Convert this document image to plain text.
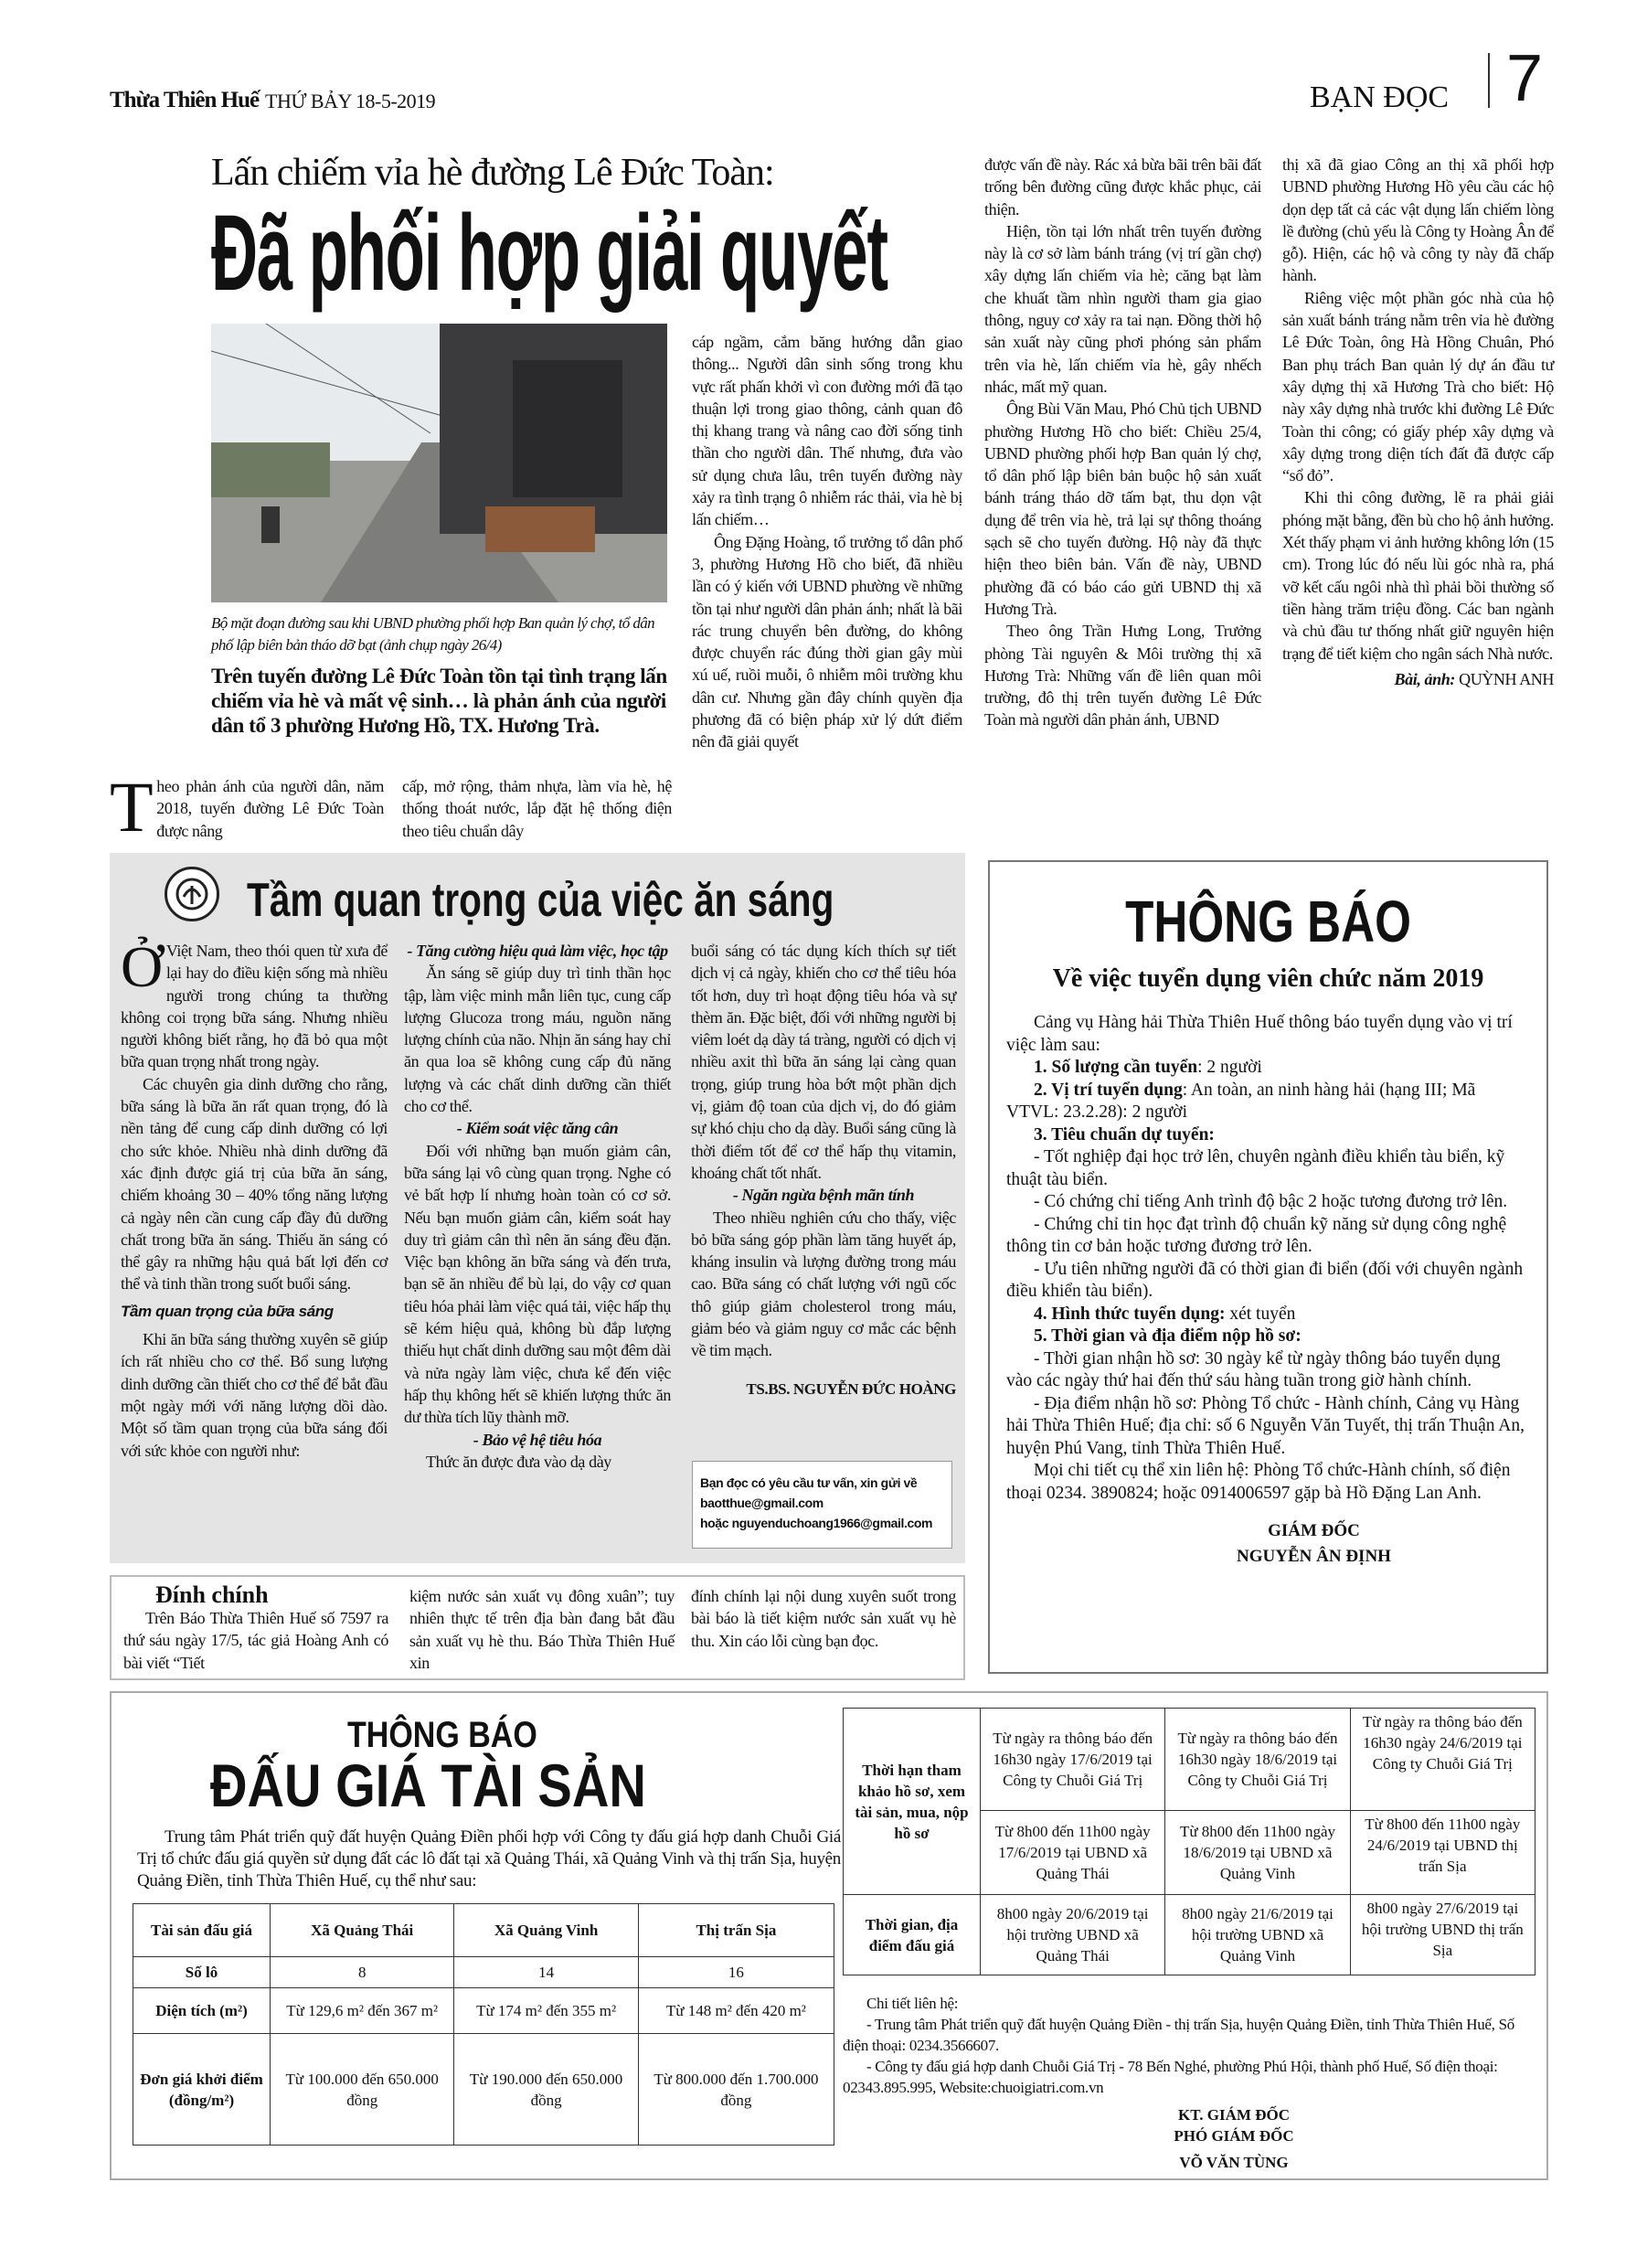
Thừa Thiên Huế THỨ BẢY 18-5-2019	BẠN ĐỌC 7
Lấn chiếm vỉa hè đường Lê Đức Toàn:
Đã phối hợp giải quyết
Bộ mặt đoạn đường sau khi UBND phường phối hợp Ban quản lý chợ, tổ dân phố lập biên bản tháo dỡ bạt (ảnh chụp ngày 26/4)
Trên tuyến đường Lê Đức Toàn tồn tại tình trạng lấn chiếm vỉa hè và mất vệ sinh… là phản ánh của người dân tổ 3 phường Hương Hồ, TX. Hương Trà.
T heo phản ánh của người dân, năm 2018, tuyến đường Lê Đức Toàn được nâng

cấp, mở rộng, thảm nhựa, làm vỉa hè, hệ thống thoát nước, lắp đặt hệ thống điện theo tiêu chuẩn dây

cáp ngầm, cắm băng hướng dẫn giao thông... Người dân sinh sống trong khu vực rất phấn khởi vì con đường mới đã tạo thuận lợi trong giao thông, cảnh quan đô thị khang trang và nâng cao đời sống tinh thần cho người dân. Thế nhưng, đưa vào sử dụng chưa lâu, trên tuyến đường này xảy ra tình trạng ô nhiễm rác thải, vỉa hè bị lấn chiếm…

Ông Đặng Hoàng, tổ trưởng tổ dân phố 3, phường Hương Hồ cho biết, đã nhiều lần có ý kiến với UBND phường về những tồn tại như người dân phản ánh; nhất là bãi rác trung chuyển bên đường, do không được chuyển rác đúng thời gian gây mùi xú uế, ruồi muỗi, ô nhiễm môi trường khu dân cư. Nhưng gần đây chính quyền địa phương đã có biện pháp xử lý dứt điểm nên đã giải quyết

được vấn đề này. Rác xả bừa bãi trên bãi đất trống bên đường cũng được khắc phục, cải thiện.

Hiện, tồn tại lớn nhất trên tuyến đường này là cơ sở làm bánh tráng (vị trí gần chợ) xây dựng lấn chiếm vỉa hè; căng bạt làm che khuất tầm nhìn người tham gia giao thông, nguy cơ xảy ra tai nạn. Đồng thời hộ sản xuất này cũng phơi phóng sản phẩm trên vỉa hè, lấn chiếm vỉa hè, gây nhếch nhác, mất mỹ quan.

Ông Bùi Văn Mau, Phó Chủ tịch UBND phường Hương Hồ cho biết: Chiều 25/4, UBND phường phối hợp Ban quản lý chợ, tổ dân phố lập biên bản buộc hộ sản xuất bánh tráng tháo dỡ tấm bạt, thu dọn vật dụng để trên vỉa hè, trả lại sự thông thoáng sạch sẽ cho tuyến đường. Hộ này đã thực hiện theo biên bản. Vấn đề này, UBND phường đã có báo cáo gửi UBND thị xã Hương Trà.

Theo ông Trần Hưng Long, Trưởng phòng Tài nguyên & Môi trường thị xã Hương Trà: Những vấn đề liên quan môi trường, đô thị trên tuyến đường Lê Đức Toàn mà người dân phản ánh, UBND

thị xã đã giao Công an thị xã phối hợp UBND phường Hương Hồ yêu cầu các hộ dọn dẹp tất cả các vật dụng lấn chiếm lòng lề đường (chủ yếu là Công ty Hoàng Ân để gỗ). Hiện, các hộ và công ty này đã chấp hành.

Riêng việc một phần góc nhà của hộ sản xuất bánh tráng nằm trên vỉa hè đường Lê Đức Toàn, ông Hà Hồng Chuân, Phó Ban phụ trách Ban quản lý dự án đầu tư xây dựng thị xã Hương Trà cho biết: Hộ này xây dựng nhà trước khi đường Lê Đức Toàn thi công; có giấy phép xây dựng và xây dựng trong diện tích đất đã được cấp “sổ đỏ”.

Khi thi công đường, lẽ ra phải giải phóng mặt bằng, đền bù cho hộ ảnh hưởng. Xét thấy phạm vi ảnh hưởng không lớn (15 cm). Trong lúc đó nếu lùi góc nhà ra, phá vỡ kết cấu ngôi nhà thì phải bồi thường số tiền hàng trăm triệu đồng. Các ban ngành và chủ đầu tư thống nhất giữ nguyên hiện trạng để tiết kiệm cho ngân sách Nhà nước.

Bài, ảnh: QUỲNH ANH
Tầm quan trọng của việc ăn sáng
Ở Việt Nam, theo thói quen từ xưa để lại hay do điều kiện sống mà nhiều người trong chúng ta thường không coi trọng bữa sáng. Nhưng nhiều người không biết rằng, họ đã bỏ qua một bữa quan trọng nhất trong ngày.

Các chuyên gia dinh dưỡng cho rằng, bữa sáng là bữa ăn rất quan trọng, đó là nền tảng để cung cấp dinh dưỡng có lợi cho sức khỏe. Nhiều nhà dinh dưỡng đã xác định được giá trị của bữa ăn sáng, chiếm khoảng 30 – 40% tổng năng lượng cả ngày nên cần cung cấp đầy đủ dưỡng chất trong bữa ăn sáng. Thiếu ăn sáng có thể gây ra những hậu quả bất lợi đến cơ thể và tinh thần trong suốt buổi sáng.

Tầm quan trọng của bữa sáng

Khi ăn bữa sáng thường xuyên sẽ giúp ích rất nhiều cho cơ thể. Bổ sung lượng dinh dưỡng cần thiết cho cơ thể để bắt đầu một ngày mới với năng lượng dồi dào. Một số tầm quan trọng của bữa sáng đối với sức khỏe con người như:

- Tăng cường hiệu quả làm việc, học tập

Ăn sáng sẽ giúp duy trì tinh thần học tập, làm việc minh mẫn liên tục, cung cấp lượng Glucoza trong máu, nguồn năng lượng chính của não. Nhịn ăn sáng hay chỉ ăn qua loa sẽ không cung cấp đủ năng lượng và các chất dinh dưỡng cần thiết cho cơ thể.

- Kiểm soát việc tăng cân

Đối với những bạn muốn giảm cân, bữa sáng lại vô cùng quan trọng. Nghe có vẻ bất hợp lí nhưng hoàn toàn có cơ sở. Nếu bạn muốn giảm cân, kiểm soát hay duy trì giảm cân thì nên ăn sáng đều đặn. Việc bạn không ăn bữa sáng và đến trưa, bạn sẽ ăn nhiều để bù lại, do vậy cơ quan tiêu hóa phải làm việc quá tải, việc hấp thụ sẽ kém hiệu quả, không bù đắp lượng thiếu hụt chất dinh dưỡng sau một đêm dài và nửa ngày làm việc, chưa kể đến việc hấp thụ không hết sẽ khiến lượng thức ăn dư thừa tích lũy thành mỡ.

- Bảo vệ hệ tiêu hóa

Thức ăn được đưa vào dạ dày

buổi sáng có tác dụng kích thích sự tiết dịch vị cả ngày, khiến cho cơ thể tiêu hóa tốt hơn, duy trì hoạt động tiêu hóa và sự thèm ăn. Đặc biệt, đối với những người bị viêm loét dạ dày tá tràng, người có dịch vị nhiều axit thì bữa ăn sáng lại càng quan trọng, giúp trung hòa bớt một phần dịch vị, giảm độ toan của dịch vị, do đó giảm sự khó chịu cho dạ dày. Buổi sáng cũng là thời điểm tốt để cơ thể hấp thụ vitamin, khoáng chất tốt nhất.

- Ngăn ngừa bệnh mãn tính

Theo nhiều nghiên cứu cho thấy, việc bỏ bữa sáng góp phần làm tăng huyết áp, kháng insulin và lượng đường trong máu cao. Bữa sáng có chất lượng với ngũ cốc thô giúp giảm cholesterol trong máu, giảm béo và giảm nguy cơ mắc các bệnh về tim mạch.

TS.BS. NGUYỄN ĐỨC HOÀNG

Bạn đọc có yêu cầu tư vấn, xin gửi về
baotthue@gmail.com
hoặc nguyenduchoang1966@gmail.com
Đính chính

Trên Báo Thừa Thiên Huế số 7597 ra thứ sáu ngày 17/5, tác giả Hoàng Anh có bài viết “Tiết

kiệm nước sản xuất vụ đông xuân”; tuy nhiên thực tế trên địa bàn đang bắt đầu sản xuất vụ hè thu. Báo Thừa Thiên Huế xin

đính chính lại nội dung xuyên suốt trong bài báo là tiết kiệm nước sản xuất vụ hè thu. Xin cáo lỗi cùng bạn đọc.

THÔNG BÁO
Về việc tuyển dụng viên chức năm 2019

Cảng vụ Hàng hải Thừa Thiên Huế thông báo tuyển dụng vào vị trí việc làm sau:

1. Số lượng cần tuyển: 2 người

2. Vị trí tuyển dụng: An toàn, an ninh hàng hải (hạng III; Mã VTVL: 23.2.28): 2 người

3. Tiêu chuẩn dự tuyển:

- Tốt nghiệp đại học trở lên, chuyên ngành điều khiển tàu biển, kỹ thuật tàu biển.

- Có chứng chỉ tiếng Anh trình độ bậc 2 hoặc tương đương trở lên.

- Chứng chỉ tin học đạt trình độ chuẩn kỹ năng sử dụng công nghệ thông tin cơ bản hoặc tương đương trở lên.

- Ưu tiên những người đã có thời gian đi biển (đối với chuyên ngành điều khiển tàu biển).

4. Hình thức tuyển dụng: xét tuyển

5. Thời gian và địa điểm nộp hồ sơ:

- Thời gian nhận hồ sơ: 30 ngày kể từ ngày thông báo tuyển dụng vào các ngày thứ hai đến thứ sáu hàng tuần trong giờ hành chính.

- Địa điểm nhận hồ sơ: Phòng Tổ chức - Hành chính, Cảng vụ Hàng hải Thừa Thiên Huế; địa chỉ: số 6 Nguyễn Văn Tuyết, thị trấn Thuận An, huyện Phú Vang, tỉnh Thừa Thiên Huế.

Mọi chi tiết cụ thể xin liên hệ: Phòng Tổ chức-Hành chính, số điện thoại 0234. 3890824; hoặc 0914006597 gặp bà Hồ Đặng Lan Anh.

GIÁM ĐỐC
NGUYỄN ÂN ĐỊNH
THÔNG BÁO
ĐẤU GIÁ TÀI SẢN
Trung tâm Phát triển quỹ đất huyện Quảng Điền phối hợp với Công ty đấu giá hợp danh Chuỗi Giá Trị tổ chức đấu giá quyền sử dụng đất các lô đất tại xã Quảng Thái, xã Quảng Vinh và thị trấn Sịa, huyện Quảng Điền, tỉnh Thừa Thiên Huế, cụ thể như sau:
Tài sản đấu giá	Xã Quảng Thái	Xã Quảng Vinh	Thị trấn Sịa
Số lô	8	14	16
Diện tích (m²)	Từ 129,6 m² đến 367 m²	Từ 174 m² đến 355 m²	Từ 148 m² đến 420 m²
Đơn giá khởi điểm (đồng/m²)	Từ 100.000 đến 650.000 đồng	Từ 190.000 đến 650.000 đồng	Từ 800.000 đến 1.700.000 đồng
Thời hạn tham khảo hồ sơ, xem tài sản, mua, nộp hồ sơ	Từ ngày ra thông báo đến 16h30 ngày 17/6/2019 tại Công ty Chuỗi Giá Trị	Từ ngày ra thông báo đến 16h30 ngày 18/6/2019 tại Công ty Chuỗi Giá Trị	Từ ngày ra thông báo đến 16h30 ngày 24/6/2019 tại Công ty Chuỗi Giá Trị
	Từ 8h00 đến 11h00 ngày 17/6/2019 tại UBND xã Quảng Thái	Từ 8h00 đến 11h00 ngày 18/6/2019 tại UBND xã Quảng Vinh	Từ 8h00 đến 11h00 ngày 24/6/2019 tại UBND thị trấn Sịa
Thời gian, địa điểm đấu giá	8h00 ngày 20/6/2019 tại hội trường UBND xã Quảng Thái	8h00 ngày 21/6/2019 tại hội trường UBND xã Quảng Vinh	8h00 ngày 27/6/2019 tại hội trường UBND thị trấn Sịa
Chi tiết liên hệ:
- Trung tâm Phát triển quỹ đất huyện Quảng Điền - thị trấn Sịa, huyện Quảng Điền, tỉnh Thừa Thiên Huế, Số điện thoại: 0234.3566607.
- Công ty đấu giá hợp danh Chuỗi Giá Trị - 78 Bến Nghé, phường Phú Hội, thành phố Huế, Số điện thoại: 02343.895.995, Website:chuoigiatri.com.vn
KT. GIÁM ĐỐC
PHÓ GIÁM ĐỐC
VÕ VĂN TÙNG
